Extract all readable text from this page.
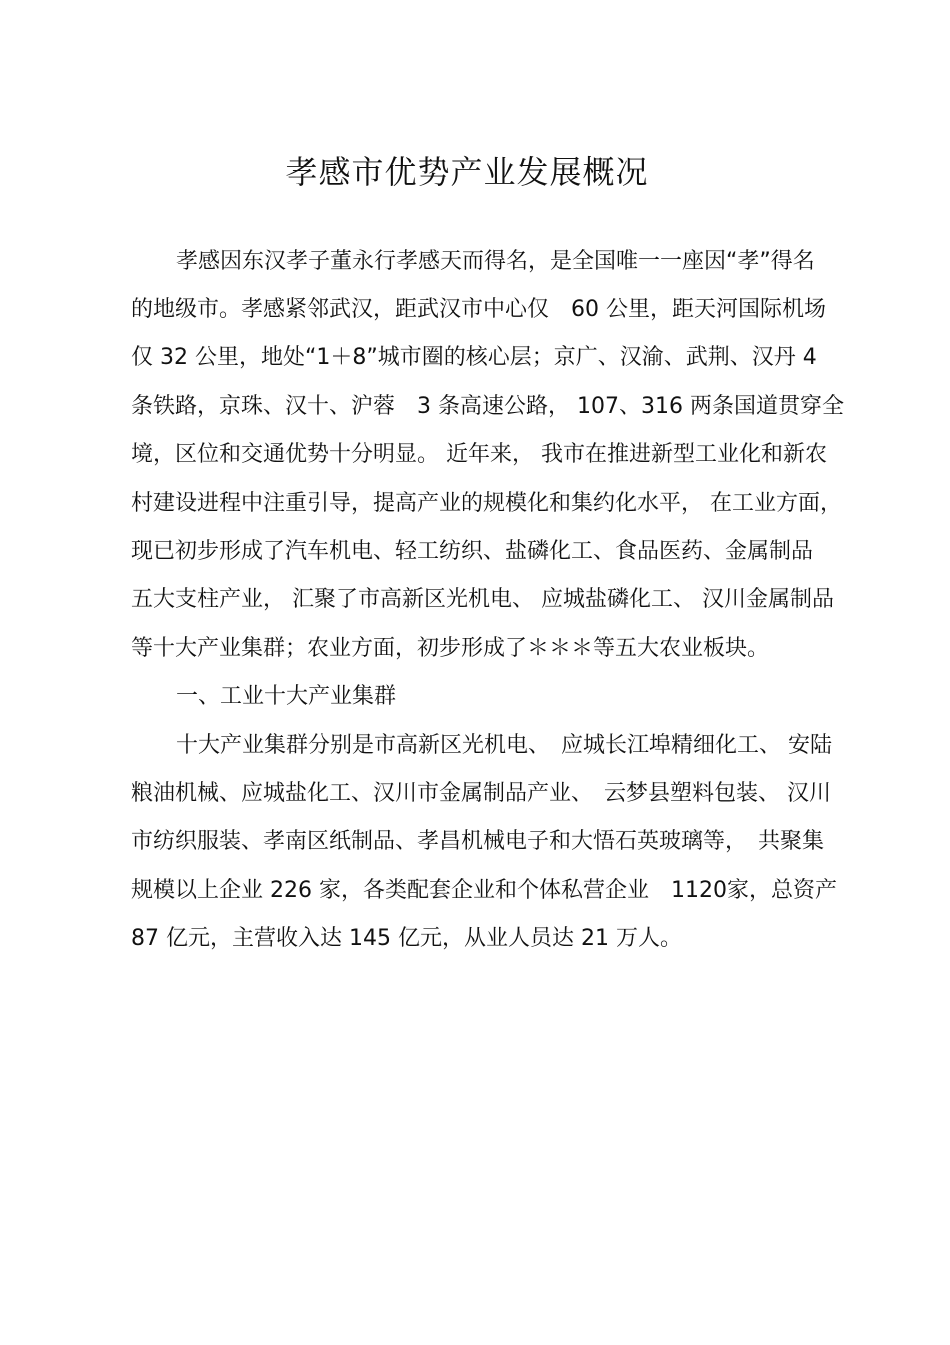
孝感市优势产业发展概况

孝感因东汉孝子董永行孝感天而得名，是全国唯一一座因“孝”得名

的地级市。孝感紧邻武汉，距武汉市中心仅　60 公里，距天河国际机场

仅 32 公里，地处“1＋8”城市圈的核心层；京广、汉渝、武荆、汉丹 4

条铁路，京珠、汉十、沪蓉　3 条高速公路， 107、316 两条国道贯穿全

境，区位和交通优势十分明显。 近年来， 我市在推进新型工业化和新农

村建设进程中注重引导，提高产业的规模化和集约化水平， 在工业方面，

现已初步形成了汽车机电、轻工纺织、盐磷化工、食品医药、金属制品

五大支柱产业， 汇聚了市高新区光机电、 应城盐磷化工、 汉川金属制品

等十大产业集群；农业方面，初步形成了＊＊＊等五大农业板块。

一、工业十大产业集群

十大产业集群分别是市高新区光机电、　应城长江埠精细化工、 安陆

粮油机械、应城盐化工、汉川市金属制品产业、　云梦县塑料包装、 汉川

市纺织服装、孝南区纸制品、孝昌机械电子和大悟石英玻璃等，　共聚集

规模以上企业 226 家，各类配套企业和个体私营企业　1120家，总资产

87 亿元，主营收入达 145 亿元，从业人员达 21 万人。
